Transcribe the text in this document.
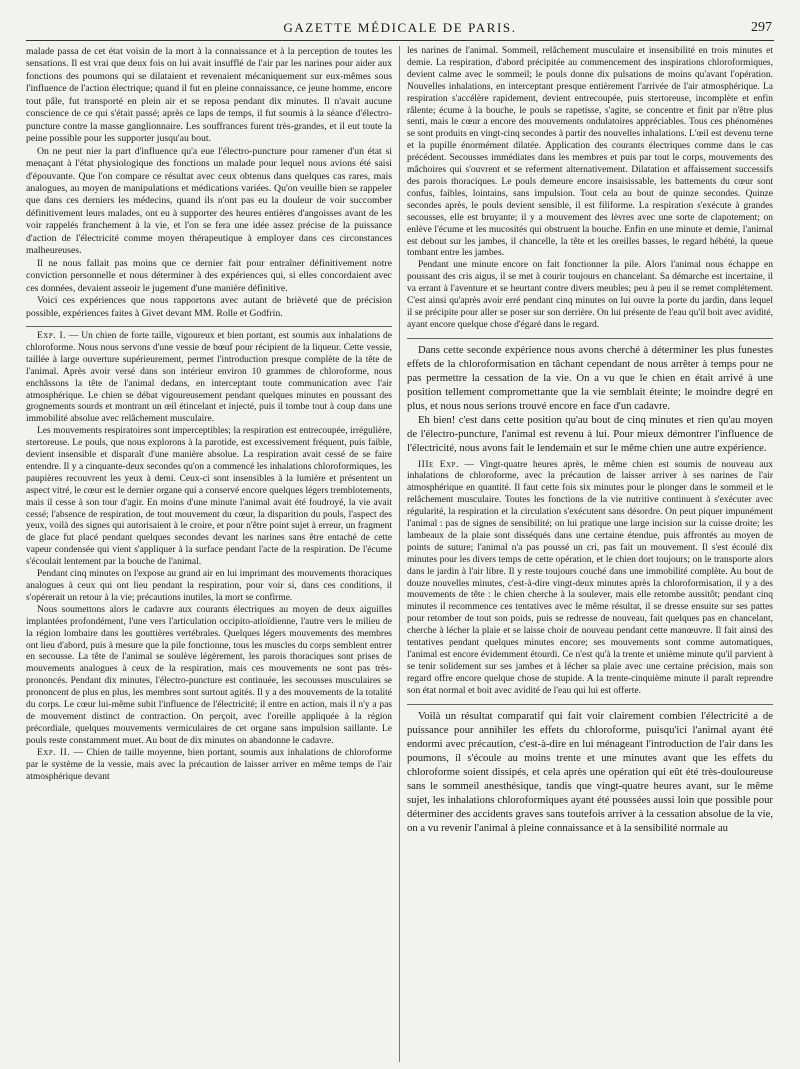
GAZETTE MÉDICALE DE PARIS.	297

malade passa de cet état voisin de la mort à la connaissance et à la perception de toutes les sensations. Il est vrai que deux fois on lui avait insufflé de l'air par les narines pour aider aux fonctions des poumons qui se dilataient et revenaient mécaniquement sur eux-mêmes sous l'influence de l'action électrique; quand il fut en pleine connaissance, ce jeune homme, encore tout pâle, fut transporté en plein air et se reposa pendant dix minutes. Il n'avait aucune conscience de ce qui s'était passé; après ce laps de temps, il fut soumis à la séance d'électro-puncture contre la masse ganglionnaire. Les souffrances furent très-grandes, et il eut toute la peine possible pour les supporter jusqu'au bout.

On ne peut nier la part d'influence qu'a eue l'électro-puncture pour ramener d'un état si menaçant à l'état physiologique des fonctions un malade pour lequel nous avions été saisi d'épouvante. Que l'on compare ce résultat avec ceux obtenus dans quelques cas rares, mais analogues, au moyen de manipulations et médications variées. Qu'on veuille bien se rappeler que dans ces derniers les médecins, quand ils n'ont pas eu la douleur de voir succomber définitivement leurs malades, ont eu à supporter des heures entières d'angoisses avant de les voir rappelés franchement à la vie, et l'on se fera une idée assez précise de la puissance d'action de l'électricité comme moyen thérapeutique à employer dans ces circonstances malheureuses.

Il ne nous fallait pas moins que ce dernier fait pour entraîner définitivement notre conviction personnelle et nous déterminer à des expériences qui, si elles concordaient avec ces données, devaient asseoir le jugement d'une manière définitive.

Voici ces expériences que nous rapportons avec autant de brièveté que de précision possible, expériences faites à Givet devant MM. Rolle et Godfrin.

Exp. I. — Un chien de forte taille, vigoureux et bien portant, est soumis aux inhalations de chloroforme. Nous nous servons d'une vessie de bœuf pour récipient de la liqueur. Cette vessie, taillée à large ouverture supérieurement, permet l'introduction presque complète de la tête de l'animal. Après avoir versé dans son intérieur environ 10 grammes de chloroforme, nous enchâssons la tête de l'animal dedans, en interceptant toute communication avec l'air atmosphérique. Le chien se débat vigoureusement pendant quelques minutes en poussant des grognements sourds et montrant un œil étincelant et injecté, puis il tombe tout à coup dans une immobilité absolue avec relâchement musculaire.

Les mouvements respiratoires sont imperceptibles; la respiration est entrecoupée, irrégulière, stertoreuse. Le pouls, que nous explorons à la parotide, est excessivement fréquent, puis faible, devient insensible et disparaît d'une manière absolue. La respiration avait cessé de se faire entendre. Il y a cinquante-deux secondes qu'on a commencé les inhalations chloroformiques, les paupières recouvrent les yeux à demi. Ceux-ci sont insensibles à la lumière et présentent un aspect vitré, le cœur est le dernier organe qui a conservé encore quelques légers tremblotements, mais il cesse à son tour d'agir. En moins d'une minute l'animal avait été foudroyé, la vie avait cessé; l'absence de respiration, de tout mouvement du cœur, la disparition du pouls, l'aspect des yeux, voilà des signes qui autorisaient à le croire, et pour n'être point sujet à erreur, un fragment de glace fut placé pendant quelques secondes devant les narines sans être entaché de cette vapeur condensée qui vient s'appliquer à la surface pendant l'acte de la respiration. De l'écume s'écoulait lentement par la bouche de l'animal.

Pendant cinq minutes on l'expose au grand air en lui imprimant des mouvements thoraciques analogues à ceux qui ont lieu pendant la respiration, pour voir si, dans ces conditions, il s'opérerait un retour à la vie; précautions inutiles, la mort se confirme.

Nous soumettons alors le cadavre aux courants électriques au moyen de deux aiguilles implantées profondément, l'une vers l'articulation occipito-atloïdienne, l'autre vers le milieu de la région lombaire dans les gouttières vertébrales. Quelques légers mouvements des membres ont lieu d'abord, puis à mesure que la pile fonctionne, tous les muscles du corps semblent entrer en secousse. La tête de l'animal se soulève légèrement, les parois thoraciques sont prises de mouvements analogues à ceux de la respiration, mais ces mouvements ne sont pas très-prononcés. Pendant dix minutes, l'électro-puncture est continuée, les secousses musculaires se prononcent de plus en plus, les membres sont surtout agités. Il y a des mouvements de la totalité du corps. Le cœur lui-même subit l'influence de l'électricité; il entre en action, mais il n'y a pas de mouvement distinct de contraction. On perçoit, avec l'oreille appliquée à la région précordiale, quelques mouvements vermiculaires de cet organe sans impulsion saillante. Le pouls reste constamment muet. Au bout de dix minutes on abandonne le cadavre.

Exp. II. — Chien de taille moyenne, bien portant, soumis aux inhalations de chloroforme par le système de la vessie, mais avec la précaution de laisser arriver en même temps de l'air atmosphérique devant

les narines de l'animal. Sommeil, relâchement musculaire et insensibilité en trois minutes et demie. La respiration, d'abord précipitée au commencement des inspirations chloroformiques, devient calme avec le sommeil; le pouls donne dix pulsations de moins qu'avant l'opération. Nouvelles inhalations, en interceptant presque entièrement l'arrivée de l'air atmosphérique. La respiration s'accélère rapidement, devient entrecoupée, puis stertoreuse, incomplète et enfin râlente; écume à la bouche, le pouls se rapetisse, s'agite, se concentre et finit par n'être plus senti, mais le cœur a encore des mouvements ondulatoires appréciables. Tous ces phénomènes se sont produits en vingt-cinq secondes à partir des nouvelles inhalations. L'œil est devenu terne et la pupille énormément dilatée. Application des courants électriques comme dans le cas précédent. Secousses immédiates dans les membres et puis par tout le corps, mouvements des mâchoires qui s'ouvrent et se referment alternativement. Dilatation et affaissement successifs des parois thoraciques. Le pouls demeure encore insaisissable, les battements du cœur sont confus, faibles, lointains, sans impulsion. Tout cela au bout de quinze secondes. Quinze secondes après, le pouls devient sensible, il est filiforme. La respiration s'exécute à grandes secousses, elle est bruyante; il y a mouvement des lèvres avec une sorte de clapotement; on enlève l'écume et les mucosités qui obstruent la bouche. Enfin en une minute et demie, l'animal est debout sur les jambes, il chancelle, la tête et les oreilles basses, le regard hébété, la queue tombant entre les jambes.

Pendant une minute encore on fait fonctionner la pile. Alors l'animal nous échappe en poussant des cris aigus, il se met à courir toujours en chancelant. Sa démarche est incertaine, il va errant à l'aventure et se heurtant contre divers meubles; peu à peu il se remet complétement. C'est ainsi qu'après avoir erré pendant cinq minutes on lui ouvre la porte du jardin, dans lequel il se précipite pour aller se poser sur son derrière. On lui présente de l'eau qu'il boit avec avidité, ayant encore quelque chose d'égaré dans le regard.

Dans cette seconde expérience nous avons cherché à déterminer les plus funestes effets de la chloroformisation en tâchant cependant de nous arrêter à temps pour ne pas permettre la cessation de la vie. On a vu que le chien en était arrivé à une position tellement compromettante que la vie semblait éteinte; le moindre degré en plus, et nous nous serions trouvé encore en face d'un cadavre.

Eh bien! c'est dans cette position qu'au bout de cinq minutes et rien qu'au moyen de l'électro-puncture, l'animal est revenu à lui. Pour mieux démontrer l'influence de l'électricité, nous avons fait le lendemain et sur le même chien une autre expérience.

IIIe Exp. — Vingt-quatre heures après, le même chien est soumis de nouveau aux inhalations de chloroforme, avec la précaution de laisser arriver à ses narines de l'air atmosphérique en quantité. Il faut cette fois six minutes pour le plonger dans le sommeil et le relâchement musculaire. Toutes les fonctions de la vie nutritive continuent à s'exécuter avec régularité, la respiration et la circulation s'exécutent sans désordre. On peut piquer impunément l'animal : pas de signes de sensibilité; on lui pratique une large incision sur la cuisse droite; les lambeaux de la plaie sont disséqués dans une certaine étendue, puis affrontés au moyen de points de suture; l'animal n'a pas poussé un cri, pas fait un mouvement. Il s'est écoulé dix minutes pour les divers temps de cette opération, et le chien dort toujours; on le transporte alors dans le jardin à l'air libre. Il y reste toujours couché dans une immobilité complète. Au bout de douze nouvelles minutes, c'est-à-dire vingt-deux minutes après la chloroformisation, il y a des mouvements de tête : le chien cherche à la soulever, mais elle retombe aussitôt; pendant cinq minutes il recommence ces tentatives avec le même résultat, il se dresse ensuite sur ses pattes pour retomber de tout son poids, puis se redresse de nouveau, fait quelques pas en chancelant, cherche à lécher la plaie et se laisse choir de nouveau pendant cette manœuvre. Il fait ainsi des tentatives pendant quelques minutes encore; ses mouvements sont comme automatiques, l'animal est encore évidemment étourdi. Ce n'est qu'à la trente et unième minute qu'il parvient à se tenir solidement sur ses jambes et à lécher sa plaie avec une certaine précision, mais son regard offre encore quelque chose de stupide. A la trente-cinquième minute il paraît reprendre son état normal et boit avec avidité de l'eau qui lui est offerte.

Voilà un résultat comparatif qui fait voir clairement combien l'électricité a de puissance pour annihiler les effets du chloroforme, puisqu'ici l'animal ayant été endormi avec précaution, c'est-à-dire en lui ménageant l'introduction de l'air dans les poumons, il s'écoule au moins trente et une minutes avant que les effets du chloroforme soient dissipés, et cela après une opération qui eût été très-douloureuse sans le sommeil anesthésique, tandis que vingt-quatre heures avant, sur le même sujet, les inhalations chloroformiques ayant été poussées aussi loin que possible pour déterminer des accidents graves sans toutefois arriver à la cessation absolue de la vie, on a vu revenir l'animal à pleine connaissance et à la sensibilité normale au
